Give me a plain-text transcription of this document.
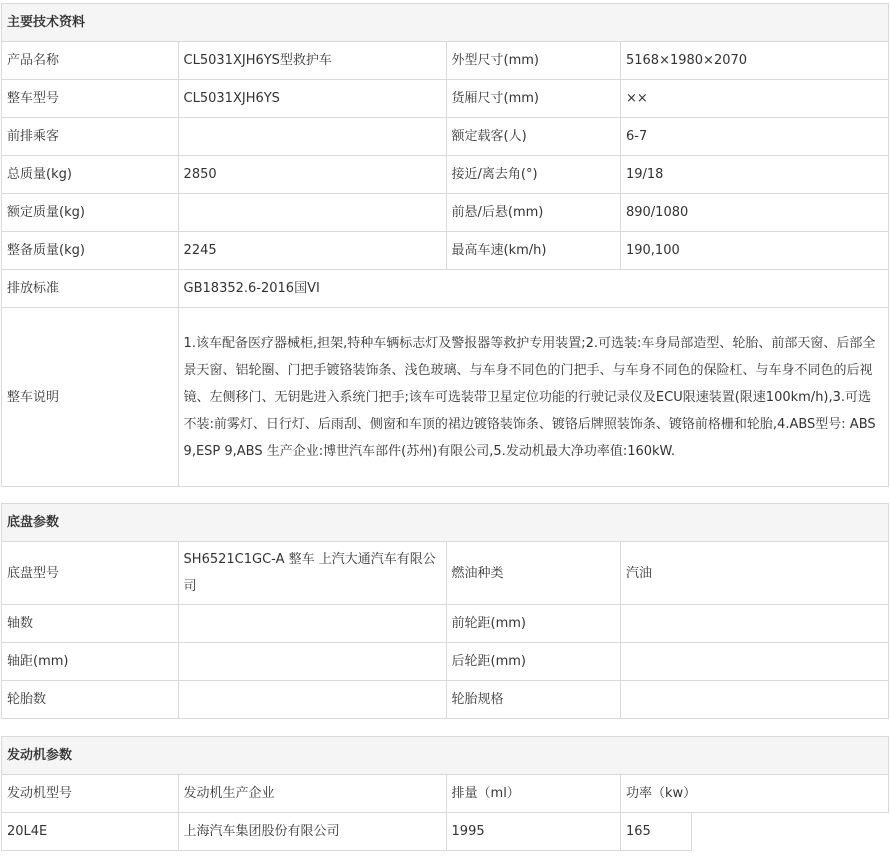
主要技术资料			
产品名称	CL5031XJH6YS型救护车	外型尺寸(mm)	5168×1980×2070
整车型号	CL5031XJH6YS	货厢尺寸(mm)	××
前排乘客		额定载客(人)	6-7
总质量(kg)	2850	接近/离去角(°)	19/18
额定质量(kg)		前悬/后悬(mm)	890/1080
整备质量(kg)	2245	最高车速(km/h)	190,100
排放标准	GB18352.6-2016国VI		
整车说明	1.该车配备医疗器械柜,担架,特种车辆标志灯及警报器等救护专用装置;2.可选装:车身局部造型、轮胎、前部天窗、后部全景天窗、铝轮圈、门把手镀铬装饰条、浅色玻璃、与车身不同色的门把手、与车身不同色的保险杠、与车身不同色的后视镜、左侧移门、无钥匙进入系统门把手;该车可选装带卫星定位功能的行驶记录仪及ECU限速装置(限速100km/h),3.可选不装:前雾灯、日行灯、后雨刮、侧窗和车顶的裙边镀铬装饰条、镀铬后牌照装饰条、镀铬前格栅和轮胎,4.ABS型号: ABS 9,ESP 9,ABS 生产企业:博世汽车部件(苏州)有限公司,5.发动机最大净功率值:160kW.		
底盘参数			
底盘型号	SH6521C1GC-A 整车 上汽大通汽车有限公司	燃油种类	汽油
轴数		前轮距(mm)	
轴距(mm)		后轮距(mm)	
轮胎数		轮胎规格	
发动机参数				
发动机型号	发动机生产企业	排量（ml）	功率（kw）	
20L4E	上海汽车集团股份有限公司	1995	165	
